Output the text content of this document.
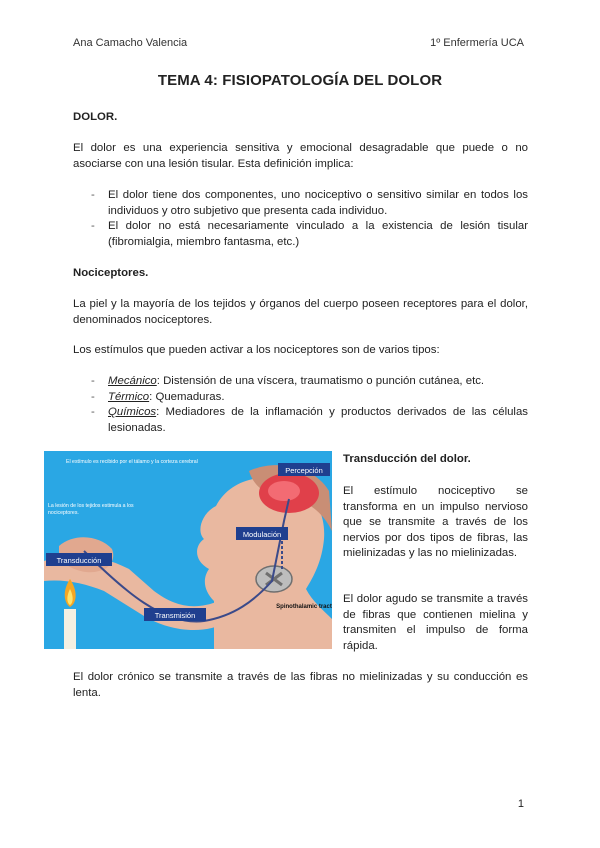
Ana Camacho Valencia	1º Enfermería UCA
TEMA 4: FISIOPATOLOGÍA DEL DOLOR
DOLOR.
El dolor es una experiencia sensitiva y emocional desagradable que puede o no asociarse con una lesión tisular. Esta definición implica:
- El dolor tiene dos componentes, uno nociceptivo o sensitivo similar en todos los individuos y otro subjetivo que presenta cada individuo.
- El dolor no está necesariamente vinculado a la existencia de lesión tisular (fibromialgia, miembro fantasma, etc.)
Nociceptores.
La piel y la mayoría de los tejidos y órganos del cuerpo poseen receptores para el dolor, denominados nociceptores.
Los estímulos que pueden activar a los nociceptores son de varios tipos:
- Mecánico: Distensión de una víscera, traumatismo o punción cutánea, etc.
- Térmico: Quemaduras.
- Químicos: Mediadores de la inflamación y productos derivados de las células lesionadas.
Percepción
Modulación
Transducción
Transmisión
Spinothalamic tract
El estímulo es recibido por el tálamo y la corteza cerebral
La lesión de los tejidos estimula a los nociceptores.
Transducción del dolor.
El estímulo nociceptivo se transforma en un impulso nervioso que se transmite a través de los nervios por dos tipos de fibras, las mielinizadas y las no mielinizadas.
El dolor agudo se transmite a través de fibras que contienen mielina y transmiten el impulso de forma rápida.
El dolor crónico se transmite a través de las fibras no mielinizadas y su conducción es lenta.
1
